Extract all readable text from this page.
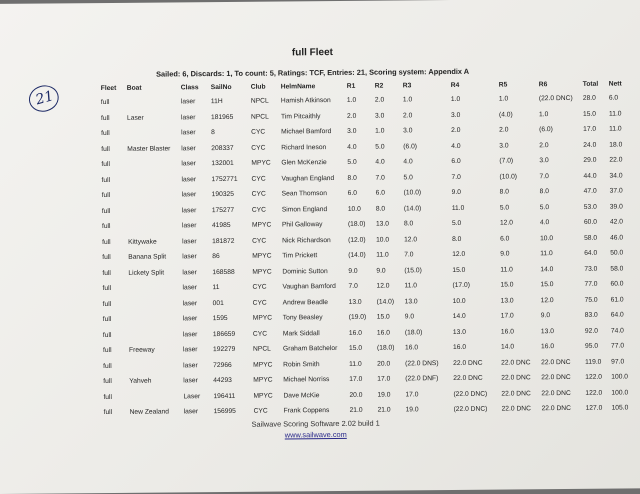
full Fleet
Sailed: 6, Discards: 1, To count: 5, Ratings: TCF, Entries: 21, Scoring system: Appendix A
21
Fleet	Boat	Class	SailNo	Club	HelmName	R1	R2	R3	R4	R5	R6	Total	Nett
full		laser	11H	NPCL	Hamish Atkinson	1.0	2.0	1.0	1.0	1.0	(22.0 DNC)	28.0	6.0
full	Laser	laser	181965	NPCL	Tim Pitcaithly	2.0	3.0	2.0	3.0	(4.0)	1.0	15.0	11.0
full		laser	8	CYC	Michael Bamford	3.0	1.0	3.0	2.0	2.0	(6.0)	17.0	11.0
full	Master Blaster	laser	208337	CYC	Richard Ineson	4.0	5.0	(6.0)	4.0	3.0	2.0	24.0	18.0
full		laser	132001	MPYC	Glen McKenzie	5.0	4.0	4.0	6.0	(7.0)	3.0	29.0	22.0
full		laser	1752771	CYC	Vaughan England	8.0	7.0	5.0	7.0	(10.0)	7.0	44.0	34.0
full		laser	190325	CYC	Sean Thomson	6.0	6.0	(10.0)	9.0	8.0	8.0	47.0	37.0
full		laser	175277	CYC	Simon England	10.0	8.0	(14.0)	11.0	5.0	5.0	53.0	39.0
full		laser	41985	MPYC	Phil Galloway	(18.0)	13.0	8.0	5.0	12.0	4.0	60.0	42.0
full	Kittywake	laser	181872	CYC	Nick Richardson	(12.0)	10.0	12.0	8.0	6.0	10.0	58.0	46.0
full	Banana Split	laser	86	MPYC	Tim Prickett	(14.0)	11.0	7.0	12.0	9.0	11.0	64.0	50.0
full	Lickety Split	laser	168588	MPYC	Dominic Sutton	9.0	9.0	(15.0)	15.0	11.0	14.0	73.0	58.0
full		laser	11	CYC	Vaughan Bamford	7.0	12.0	11.0	(17.0)	15.0	15.0	77.0	60.0
full		laser	001	CYC	Andrew Beadle	13.0	(14.0)	13.0	10.0	13.0	12.0	75.0	61.0
full		laser	1595	MPYC	Tony Beasley	(19.0)	15.0	9.0	14.0	17.0	9.0	83.0	64.0
full		laser	186659	CYC	Mark Siddall	16.0	16.0	(18.0)	13.0	16.0	13.0	92.0	74.0
full	Freeway	laser	192279	NPCL	Graham Batchelor	15.0	(18.0)	16.0	16.0	14.0	16.0	95.0	77.0
full		laser	72966	MPYC	Robin Smith	11.0	20.0	(22.0 DNS)	22.0 DNC	22.0 DNC	22.0 DNC	119.0	97.0
full	Yahveh	laser	44293	MPYC	Michael Norriss	17.0	17.0	(22.0 DNF)	22.0 DNC	22.0 DNC	22.0 DNC	122.0	100.0
full		Laser	196411	MPYC	Dave McKie	20.0	19.0	17.0	(22.0 DNC)	22.0 DNC	22.0 DNC	122.0	100.0
full	New Zealand	laser	156995	CYC	Frank Coppens	21.0	21.0	19.0	(22.0 DNC)	22.0 DNC	22.0 DNC	127.0	105.0
Sailwave Scoring Software 2.02 build 1
www.sailwave.com
